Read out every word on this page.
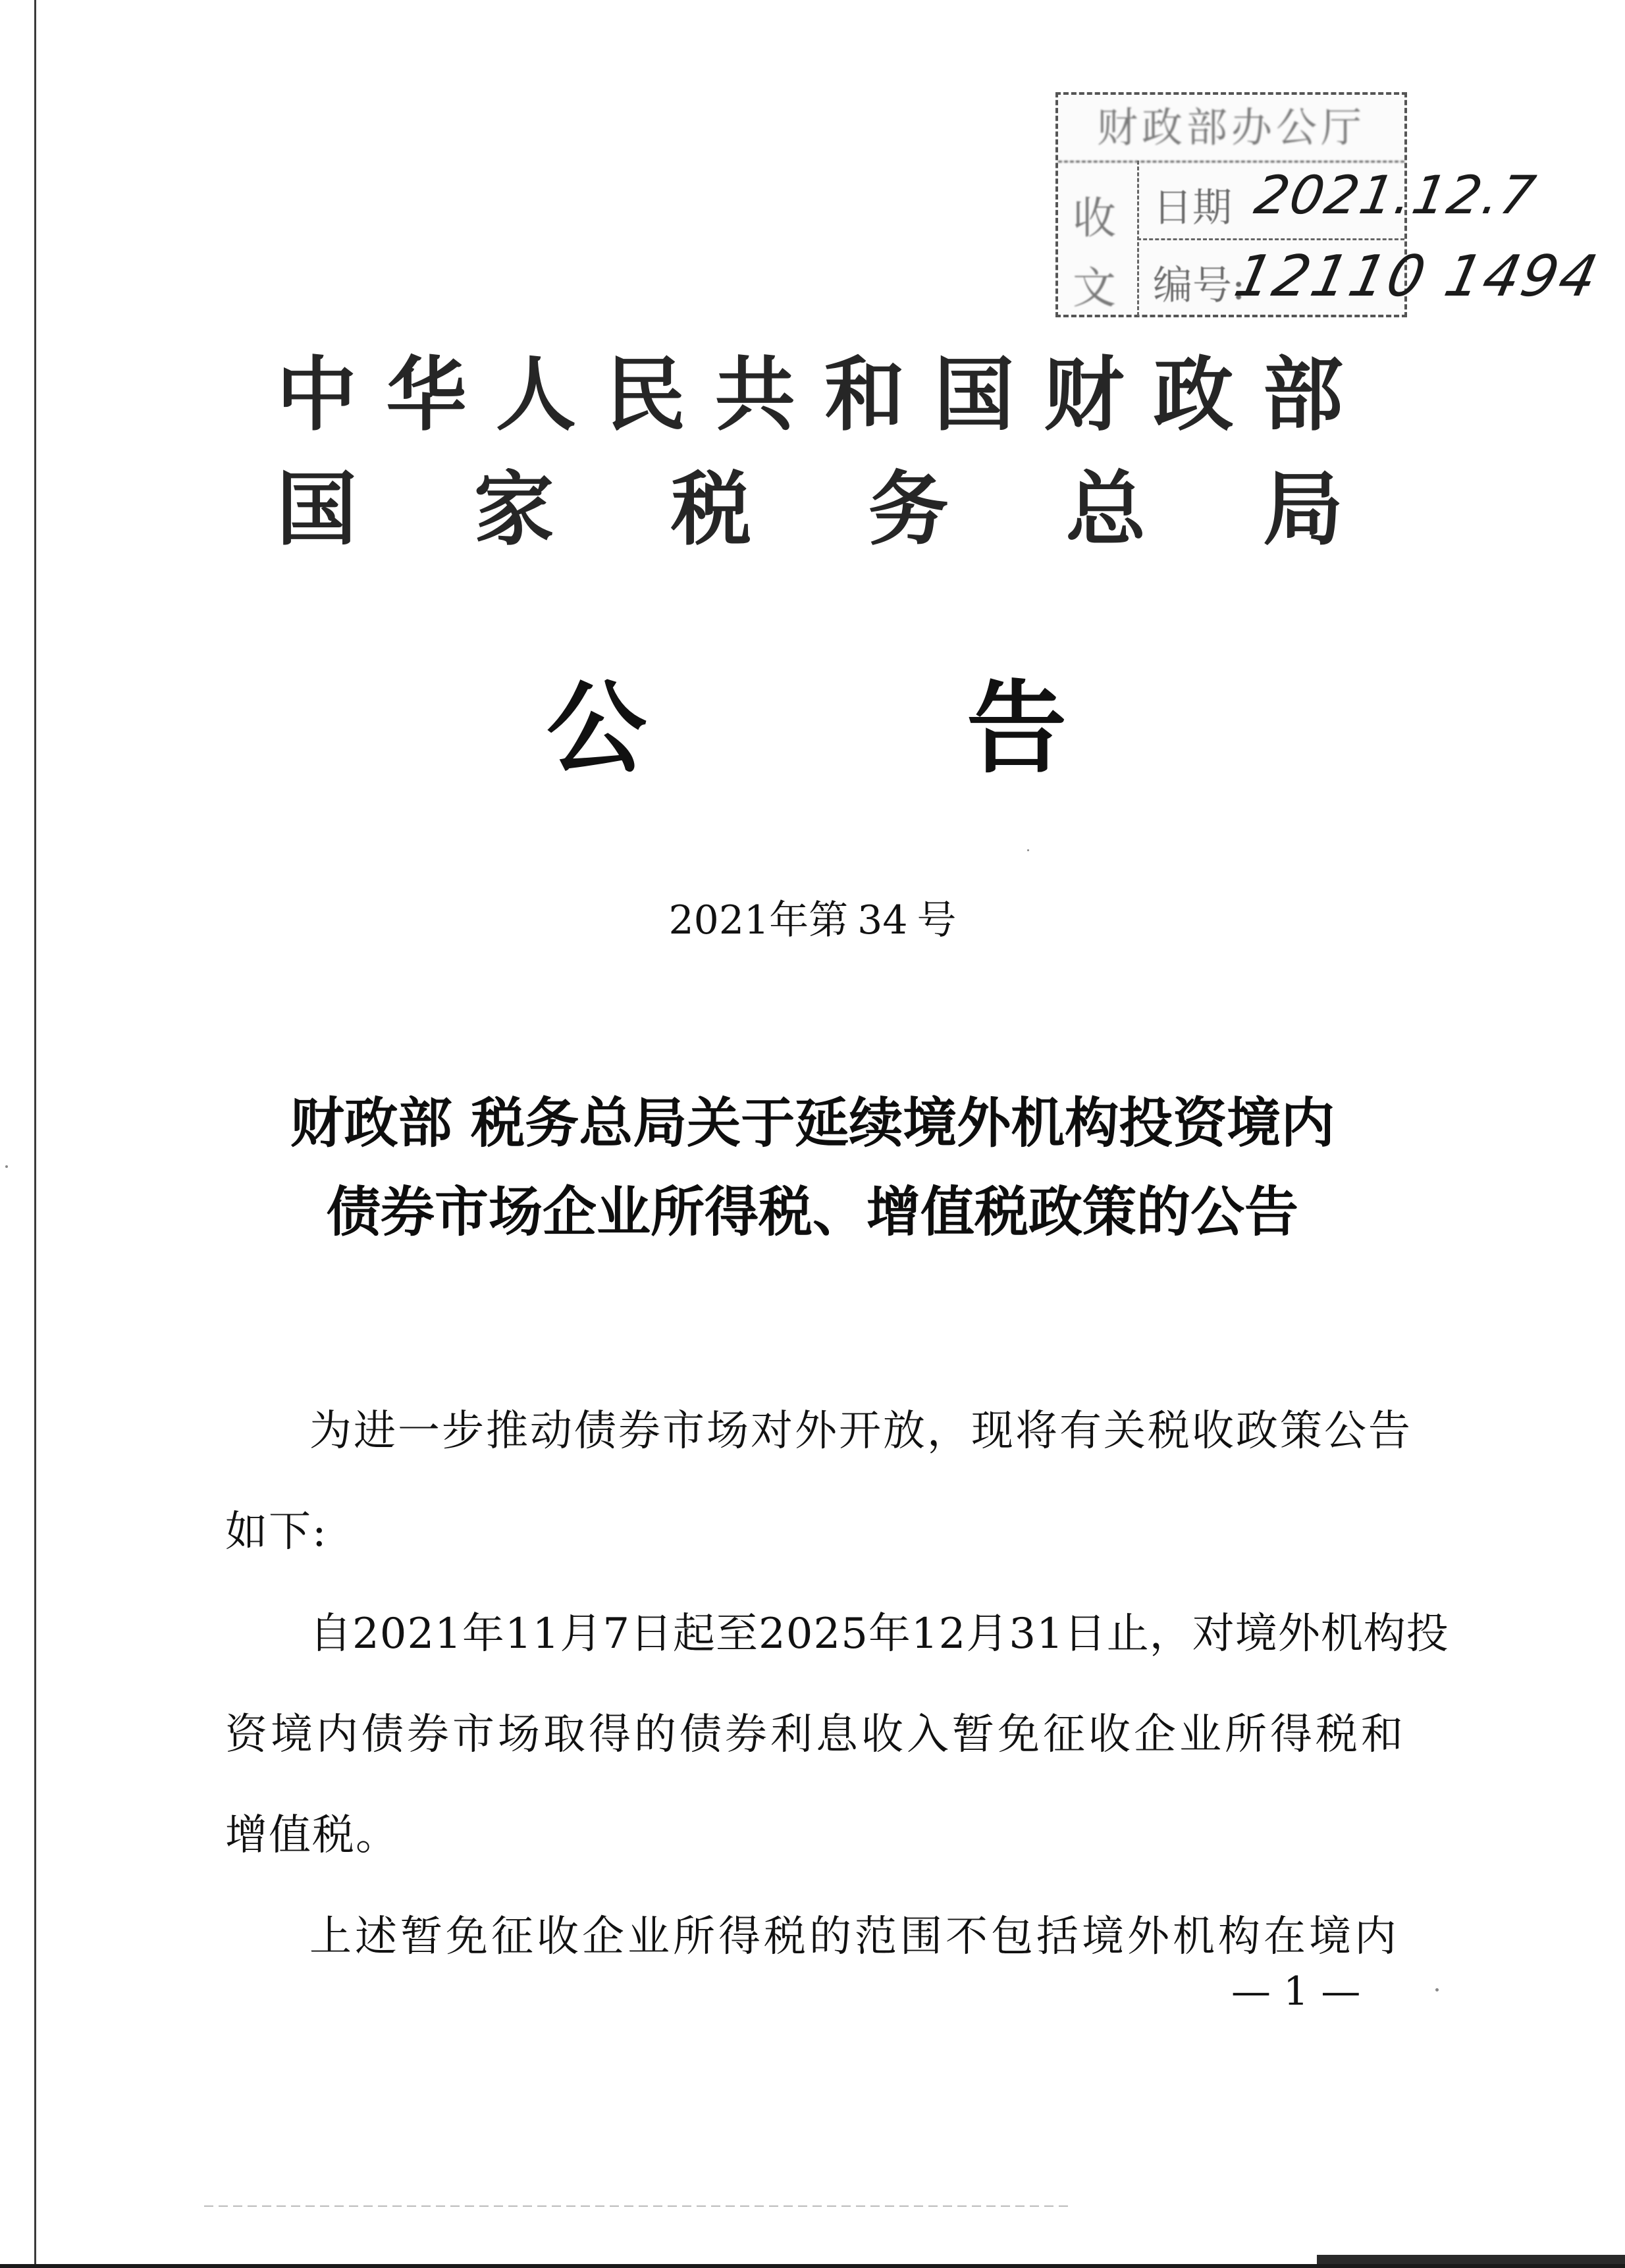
财政部办公厅
收
文
日期 2021.12.7
编号:
12110 1494
中 华 人 民 共 和 国 财 政 部
国 家 税 务 总 局
公	告
2021年第 34 号
财政部 税务总局关于延续境外机构投资境内
债券市场企业所得税、增值税政策的公告
为进一步推动债券市场对外开放，现将有关税收政策公告
如下:
自2021年11月7日起至2025年12月31日止，对境外机构投
资境内债券市场取得的债券利息收入暂免征收企业所得税和
增值税。
上述暂免征收企业所得税的范围不包括境外机构在境内
— 1 —
